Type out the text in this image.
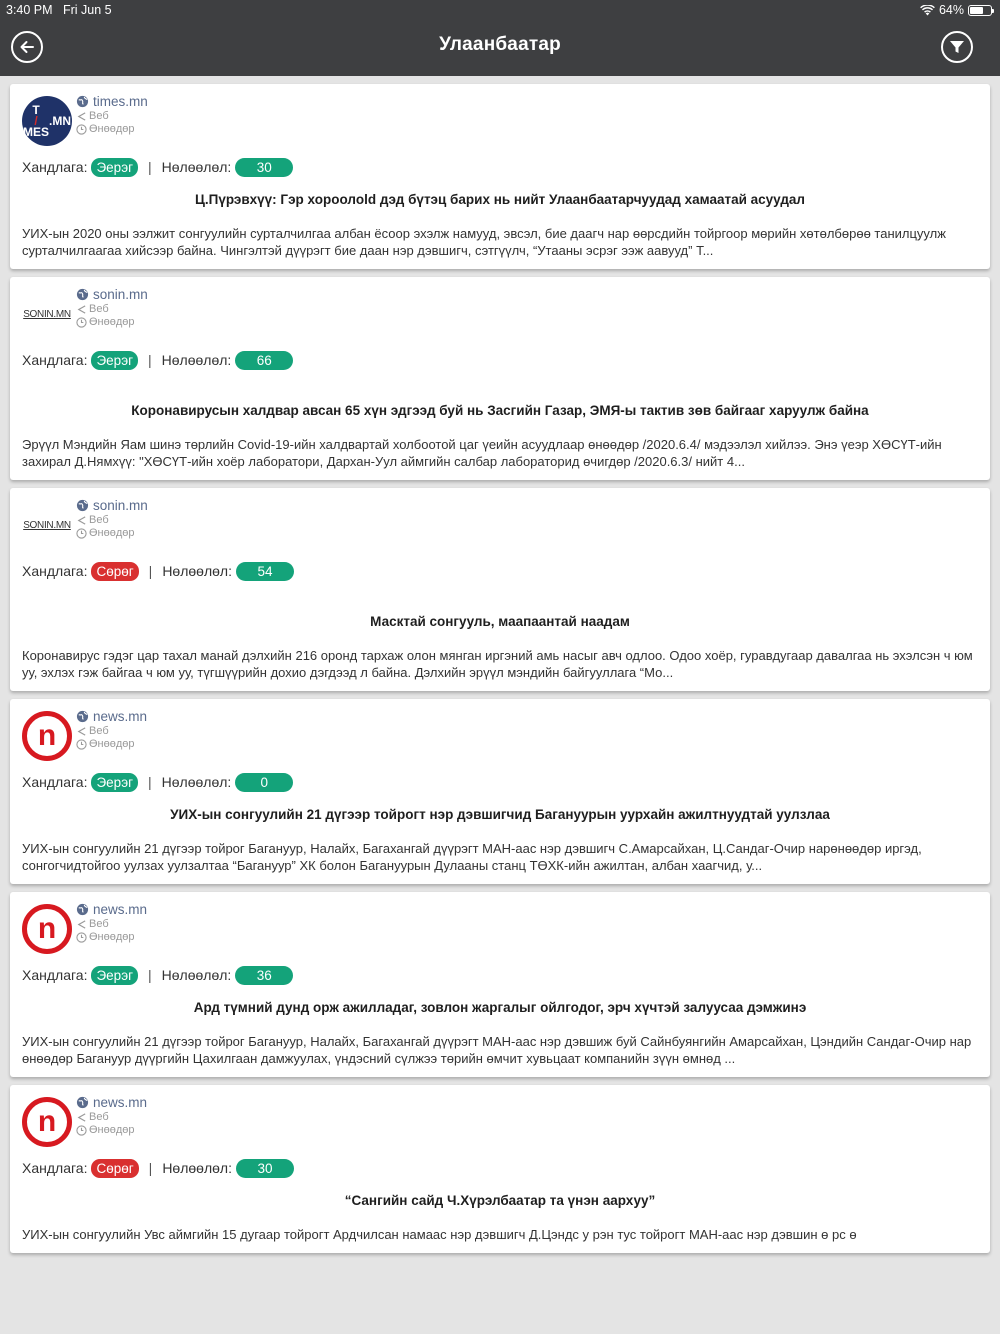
3:40 PM Fri Jun 5	64%
Улаанбаатар
T
/
MES
.MN
times.mn
Веб
Өнөөдөр
Хандлага: Эерэг	| Нөлөөлөл:	30
Ц.Пүрэвхүү: Гэр хороолold дэд бүтэц барих нь нийт Улаанбаатарчуудад хамаатай асуудал
УИХ-ын 2020 оны ээлжит сонгуулийн сурталчилгаа албан ёсоор эхэлж намууд, эвсэл, бие даагч нар өөрсдийн тойргоор мөрийн хөтөлбөрөө танилцуулж сурталчилгаагаа хийсээр байна. Чингэлтэй дүүрэгт бие даан нэр дэвшигч, сэтгүүлч, “Утааны эсрэг ээж аавууд” Т...
SONIN.MN
sonin.mn
Веб
Өнөөдөр
Хандлага: Эерэг	| Нөлөөлөл:	66
Коронавирусын халдвар авсан 65 хүн эдгээд буй нь Засгийн Газар, ЭМЯ-ы тактив зөв байгааг харуулж байна
Эрүүл Мэндийн Яам шинэ төрлийн Covid-19-ийн халдвартай холбоотой цаг үеийн асуудлаар өнөөдөр /2020.6.4/ мэдээлэл хийлээ. Энэ үеэр ХӨСҮТ-ийн захирал Д.Нямхүү: "ХӨСҮТ-ийн хоёр лаборатори, Дархан-Уул аймгийн салбар лабораторид өчигдөр /2020.6.3/ нийт 4...
SONIN.MN
sonin.mn
Веб
Өнөөдөр
Хандлага: Сөрөг	| Нөлөөлөл:	54
Масктай сонгууль, маапаантай наадам
Коронавирус гэдэг цар тахал манай дэлхийн 216 оронд тархаж олон мянган иргэний амь насыг авч одлоо. Одоо хоёр, гуравдугаар давалгаа нь эхэлсэн ч юм уу, эхлэх гэж байгаа ч юм уу, түгшүүрийн дохио дэгдээд л байна. Дэлхийн эрүүл мэндийн байгууллага “Мо...
n
news.mn
Веб
Өнөөдөр
Хандлага: Эерэг	| Нөлөөлөл:	0
УИХ-ын сонгуулийн 21 дүгээр тойрогт нэр дэвшигчид Багануурын уурхайн ажилтнуудтай уулзлаа
УИХ-ын сонгуулийн 21 дүгээр тойрог Багануур, Налайх, Багахангай дүүрэгт МАН-аас нэр дэвшигч С.Амарсайхан, Ц.Сандаг-Очир нарөнөөдөр иргэд, сонгогчидтойгоо уулзах уулзалтаа “Багануур” ХК болон Багануурын Дулааны станц ТӨХК-ийн ажилтан, албан хаагчид, у...
n
news.mn
Веб
Өнөөдөр
Хандлага: Эерэг	| Нөлөөлөл:	36
Ард түмний дунд орж ажилладаг, зовлон жаргалыг ойлгодог, эрч хүчтэй залуусаа дэмжинэ
УИХ-ын сонгуулийн 21 дүгээр тойрог Багануур, Налайх, Багахангай дүүрэгт МАН-аас нэр дэвшиж буй Сайнбуянгийн Амарсайхан, Цэндийн Сандаг-Очир нар өнөөдөр Багануур дүүргийн Цахилгаан дамжуулах, үндэсний сүлжээ төрийн өмчит хувьцаат компанийн зүүн өмнөд ...
n
news.mn
Веб
Өнөөдөр
Хандлага: Сөрөг	| Нөлөөлөл:	30
“Сангийн сайд Ч.Хүрэлбаатар та үнэн аархуу”
УИХ-ын сонгуулийн Увс аймгийн 15 дугаар тойрогт Ардчилсан намаас нэр дэвшигч Д.Цэндс у рэн тус тойрогт МАН-аас нэр дэвшин ө рс ө
